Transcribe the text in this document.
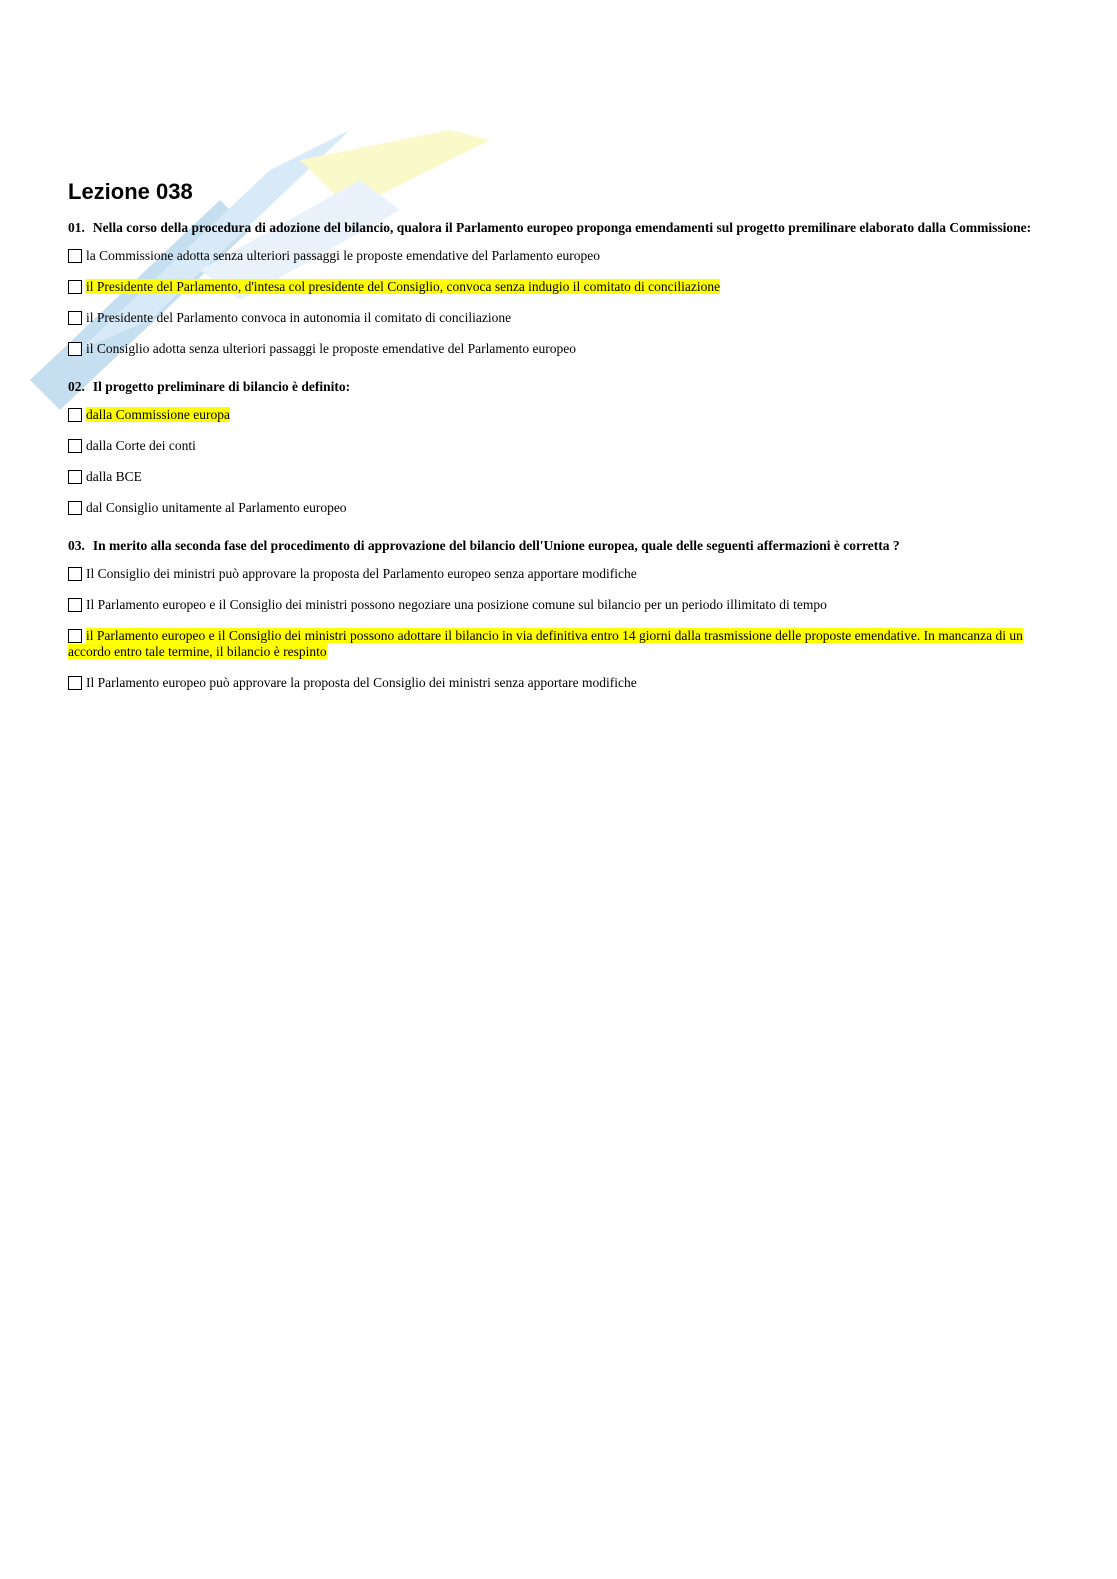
Lezione 038
01. Nella corso della procedura di adozione del bilancio, qualora il Parlamento europeo proponga emendamenti sul progetto premilinare elaborato dalla Commissione:
la Commissione adotta senza ulteriori passaggi le proposte emendative del Parlamento europeo
il Presidente del Parlamento, d'intesa col presidente del Consiglio, convoca senza indugio il comitato di conciliazione
il Presidente del Parlamento convoca in autonomia il comitato di conciliazione
il Consiglio adotta senza ulteriori passaggi le proposte emendative del Parlamento europeo
02. Il progetto preliminare di bilancio è definito:
dalla Commissione europa
dalla Corte dei conti
dalla BCE
dal Consiglio unitamente al Parlamento europeo
03. In merito alla seconda fase del procedimento di approvazione del bilancio dell'Unione europea, quale delle seguenti affermazioni è corretta ?
Il Consiglio dei ministri può approvare la proposta del Parlamento europeo senza apportare modifiche
Il Parlamento europeo e il Consiglio dei ministri possono negoziare una posizione comune sul bilancio per un periodo illimitato di tempo
il Parlamento europeo e il Consiglio dei ministri possono adottare il bilancio in via definitiva entro 14 giorni dalla trasmissione delle proposte emendative. In mancanza di un accordo entro tale termine, il bilancio è respinto
Il Parlamento europeo può approvare la proposta del Consiglio dei ministri senza apportare modifiche
